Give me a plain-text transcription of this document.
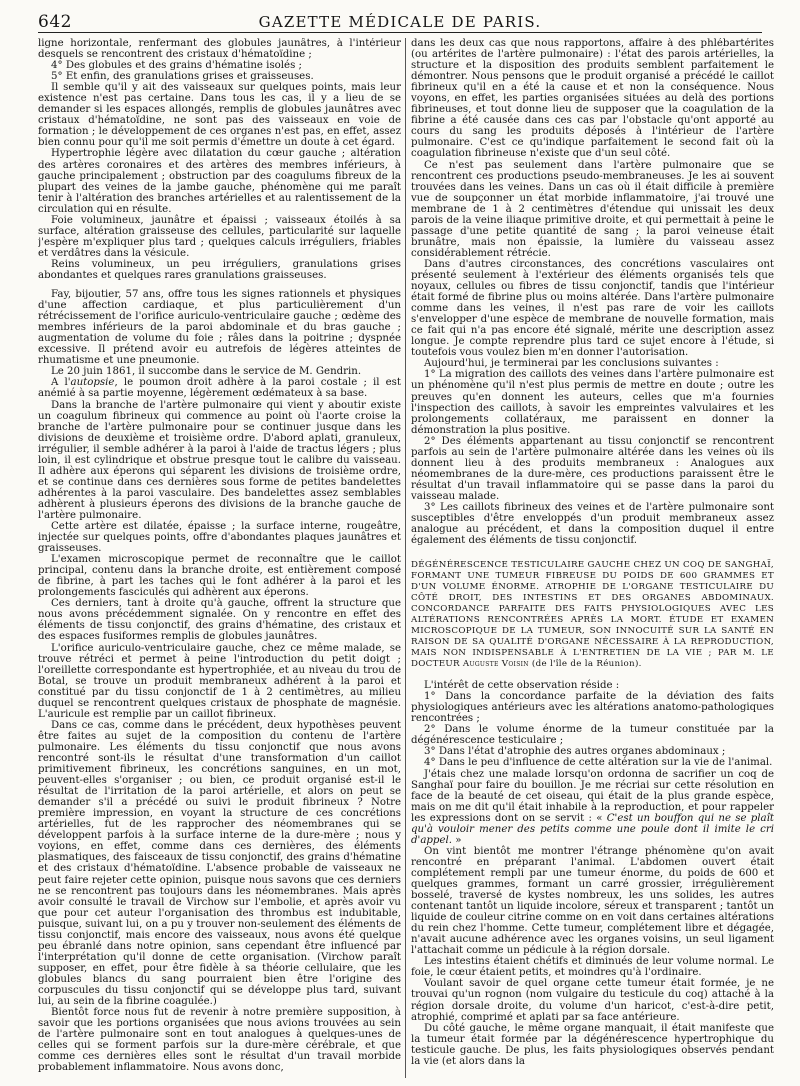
642	GAZETTE MÉDICALE DE PARIS.

ligne horizontale, renfermant des globules jaunâtres, à l'intérieur desquels se rencontrent des cristaux d'hématoïdine ;

4° Des globules et des grains d'hématine isolés ;

5° Et enfin, des granulations grises et graisseuses.

Il semble qu'il y ait des vaisseaux sur quelques points, mais leur existence n'est pas certaine. Dans tous les cas, il y a lieu de se demander si les espaces allongés, remplis de globules jaunâtres avec cristaux d'hématoïdine, ne sont pas des vaisseaux en voie de formation ; le développement de ces organes n'est pas, en effet, assez bien connu pour qu'il me soit permis d'émettre un doute à cet égard.

Hypertrophie légère avec dilatation du cœur gauche ; altération des artères coronaires et des artères des membres inférieurs, à gauche principalement ; obstruction par des coagulums fibreux de la plupart des veines de la jambe gauche, phénomène qui me paraît tenir à l'altération des branches artérielles et au ralentissement de la circulation qui en résulte.

Foie volumineux, jaunâtre et épaissi ; vaisseaux étoilés à sa surface, altération graisseuse des cellules, particularité sur laquelle j'espère m'expliquer plus tard ; quelques calculs irréguliers, friables et verdâtres dans la vésicule.

Reins volumineux, un peu irréguliers, granulations grises abondantes et quelques rares granulations graisseuses.

Fay, bijoutier, 57 ans, offre tous les signes rationnels et physiques d'une affection cardiaque, et plus particulièrement d'un rétrécissement de l'orifice auriculo-ventriculaire gauche ; œdème des membres inférieurs de la paroi abdominale et du bras gauche ; augmentation de volume du foie ; râles dans la poitrine ; dyspnée excessive. Il prétend avoir eu autrefois de légères atteintes de rhumatisme et une pneumonie.

Le 20 juin 1861, il succombe dans le service de M. Gendrin.

A l'autopsie, le poumon droit adhère à la paroi costale ; il est anémié à sa partie moyenne, légèrement œdémateux à sa base.

Dans la branche de l'artère pulmonaire qui vient y aboutir existe un coagulum fibrineux qui commence au point où l'aorte croise la branche de l'artère pulmonaire pour se continuer jusque dans les divisions de deuxième et troisième ordre. D'abord aplati, granuleux, irrégulier, il semble adhérer à la paroi à l'aide de tractus légers ; plus loin, il est cylindrique et obstrue presque tout le calibre du vaisseau. Il adhère aux éperons qui séparent les divisions de troisième ordre, et se continue dans ces dernières sous forme de petites bandelettes adhérentes à la paroi vasculaire. Des bandelettes assez semblables adhèrent à plusieurs éperons des divisions de la branche gauche de l'artère pulmonaire.

Cette artère est dilatée, épaisse ; la surface interne, rougeâtre, injectée sur quelques points, offre d'abondantes plaques jaunâtres et graisseuses.

L'examen microscopique permet de reconnaître que le caillot principal, contenu dans la branche droite, est entièrement composé de fibrine, à part les taches qui le font adhérer à la paroi et les prolongements fasciculés qui adhèrent aux éperons.

Ces derniers, tant à droite qu'à gauche, offrent la structure que nous avons précédemment signalée. On y rencontre en effet des éléments de tissu conjonctif, des grains d'hématine, des cristaux et des espaces fusiformes remplis de globules jaunâtres.

L'orifice auriculo-ventriculaire gauche, chez ce même malade, se trouve rétréci et permet à peine l'introduction du petit doigt ; l'oreillette correspondante est hypertrophiée, et au niveau du trou de Botal, se trouve un produit membraneux adhérent à la paroi et constitué par du tissu conjonctif de 1 à 2 centimètres, au milieu duquel se rencontrent quelques cristaux de phosphate de magnésie. L'auricule est remplie par un caillot fibrineux.

Dans ce cas, comme dans le précédent, deux hypothèses peuvent être faites au sujet de la composition du contenu de l'artère pulmonaire. Les éléments du tissu conjonctif que nous avons rencontré sont-ils le résultat d'une transformation d'un caillot primitivement fibrineux, les concrétions sanguines, en un mot, peuvent-elles s'organiser ; ou bien, ce produit organisé est-il le résultat de l'irritation de la paroi artérielle, et alors on peut se demander s'il a précédé ou suivi le produit fibrineux ? Notre première impression, en voyant la structure de ces concrétions artérielles, fut de les rapprocher des néomembranes qui se développent parfois à la surface interne de la dure-mère ; nous y voyions, en effet, comme dans ces dernières, des éléments plasmatiques, des faisceaux de tissu conjonctif, des grains d'hématine et des cristaux d'hématoïdine. L'absence probable de vaisseaux ne peut faire rejeter cette opinion, puisque nous savons que ces derniers ne se rencontrent pas toujours dans les néomembranes. Mais après avoir consulté le travail de Virchow sur l'embolie, et après avoir vu que pour cet auteur l'organisation des thrombus est indubitable, puisque, suivant lui, on a pu y trouver non-seulement des éléments de tissu conjonctif, mais encore des vaisseaux, nous avons été quelque peu ébranlé dans notre opinion, sans cependant être influencé par l'interprétation qu'il donne de cette organisation. (Virchow paraît supposer, en effet, pour être fidèle à sa théorie cellulaire, que les globules blancs du sang pourraient bien être l'origine des corpuscules du tissu conjonctif qui se développe plus tard, suivant lui, au sein de la fibrine coagulée.)

Bientôt force nous fut de revenir à notre première supposition, à savoir que les portions organisées que nous avions trouvées au sein de l'artère pulmonaire sont en tout analogues à quelques-unes de celles qui se forment parfois sur la dure-mère cérébrale, et que comme ces dernières elles sont le résultat d'un travail morbide probablement inflammatoire. Nous avons donc,

dans les deux cas que nous rapportons, affaire à des phlébartérites (ou artérites de l'artère pulmonaire) : l'état des parois artérielles, la structure et la disposition des produits semblent parfaitement le démontrer. Nous pensons que le produit organisé a précédé le caillot fibrineux qu'il en a été la cause et et non la conséquence. Nous voyons, en effet, les parties organisées situées au delà des portions fibrineuses, et tout donne lieu de supposer que la coagulation de la fibrine a été causée dans ces cas par l'obstacle qu'ont apporté au cours du sang les produits déposés à l'intérieur de l'artère pulmonaire. C'est ce qu'indique parfaitement le second fait où la coagulation fibrineuse n'existe que d'un seul côté.

Ce n'est pas seulement dans l'artère pulmonaire que se rencontrent ces productions pseudo-membraneuses. Je les ai souvent trouvées dans les veines. Dans un cas où il était difficile à première vue de soupçonner un état morbide inflammatoire, j'ai trouvé une membrane de 1 à 2 centimètres d'étendue qui unissait les deux parois de la veine iliaque primitive droite, et qui permettait à peine le passage d'une petite quantité de sang ; la paroi veineuse était brunâtre, mais non épaissie, la lumière du vaisseau assez considérablement rétrécie.

Dans d'autres circonstances, des concrétions vasculaires ont présenté seulement à l'extérieur des éléments organisés tels que noyaux, cellules ou fibres de tissu conjonctif, tandis que l'intérieur était formé de fibrine plus ou moins altérée. Dans l'artère pulmonaire comme dans les veines, il n'est pas rare de voir les caillots s'envelopper d'une espèce de membrane de nouvelle formation, mais ce fait qui n'a pas encore été signalé, mérite une description assez longue. Je compte reprendre plus tard ce sujet encore à l'étude, si toutefois vous voulez bien m'en donner l'autorisation.

Aujourd'hui, je terminerai par les conclusions suivantes :

1° La migration des caillots des veines dans l'artère pulmonaire est un phénomène qu'il n'est plus permis de mettre en doute ; outre les preuves qu'en donnent les auteurs, celles que m'a fournies l'inspection des caillots, à savoir les empreintes valvulaires et les prolongements collatéraux, me paraissent en donner la démonstration la plus positive.

2° Des éléments appartenant au tissu conjonctif se rencontrent parfois au sein de l'artère pulmonaire altérée dans les veines où ils donnent lieu à des produits membraneux : Analogues aux néomembranes de la dure-mère, ces productions paraissent être le résultat d'un travail inflammatoire qui se passe dans la paroi du vaisseau malade.

3° Les caillots fibrineux des veines et de l'artère pulmonaire sont susceptibles d'être enveloppés d'un produit membraneux assez analogue au précédent, et dans la composition duquel il entre également des éléments de tissu conjonctif.

DÉGÉNÉRESCENCE TESTICULAIRE GAUCHE CHEZ UN COQ DE SANGHAÏ, FORMANT UNE TUMEUR FIBREUSE DU POIDS DE 600 GRAMMES ET D'UN VOLUME ÉNORME. ATROPHIE DE L'ORGANE TESTICULAIRE DU CÔTÉ DROIT, DES INTESTINS ET DES ORGANES ABDOMINAUX. CONCORDANCE PARFAITE DES FAITS PHYSIOLOGIQUES AVEC LES ALTÉRATIONS RENCONTRÉES APRÈS LA MORT. ÉTUDE ET EXAMEN MICROSCOPIQUE DE LA TUMEUR, SON INNOCUITÉ SUR LA SANTÉ EN RAISON DE SA QUALITÉ D'ORGANE NÉCESSAIRE À LA REPRODUCTION, MAIS NON INDISPENSABLE À L'ENTRETIEN DE LA VIE ; PAR M. LE DOCTEUR Auguste Voisin (de l'île de la Réunion).

L'intérêt de cette observation réside :

1° Dans la concordance parfaite de la déviation des faits physiologiques antérieurs avec les altérations anatomo-pathologiques rencontrées ;

2° Dans le volume énorme de la tumeur constituée par la dégénérescence testiculaire ;

3° Dans l'état d'atrophie des autres organes abdominaux ;

4° Dans le peu d'influence de cette altération sur la vie de l'animal.

J'étais chez une malade lorsqu'on ordonna de sacrifier un coq de Sanghaï pour faire du bouillon. Je me récriai sur cette résolution en face de la beauté de cet oiseau, qui était de la plus grande espèce, mais on me dit qu'il était inhabile à la reproduction, et pour rappeler les expressions dont on se servit : « C'est un bouffon qui ne se plaît qu'à vouloir mener des petits comme une poule dont il imite le cri d'appel. »

On vint bientôt me montrer l'étrange phénomène qu'on avait rencontré en préparant l'animal. L'abdomen ouvert était complétement rempli par une tumeur énorme, du poids de 600 et quelques grammes, formant un carré grossier, irrégulièrement bosselé, traversé de kystes nombreux, les uns solides, les autres contenant tantôt un liquide incolore, séreux et transparent ; tantôt un liquide de couleur citrine comme on en voit dans certaines altérations du rein chez l'homme. Cette tumeur, complétement libre et dégagée, n'avait aucune adhérence avec les organes voisins, un seul ligament l'attachait comme un pédicule à la région dorsale.

Les intestins étaient chétifs et diminués de leur volume normal. Le foie, le cœur étaient petits, et moindres qu'à l'ordinaire.

Voulant savoir de quel organe cette tumeur était formée, je ne trouvai qu'un rognon (nom vulgaire du testicule du coq) attaché à la région dorsale droite, du volume d'un haricot, c'est-à-dire petit, atrophié, comprimé et aplati par sa face antérieure.

Du côté gauche, le même organe manquait, il était manifeste que la tumeur était formée par la dégénérescence hypertrophique du testicule gauche. De plus, les faits physiologiques observés pendant la vie (et alors dans la
